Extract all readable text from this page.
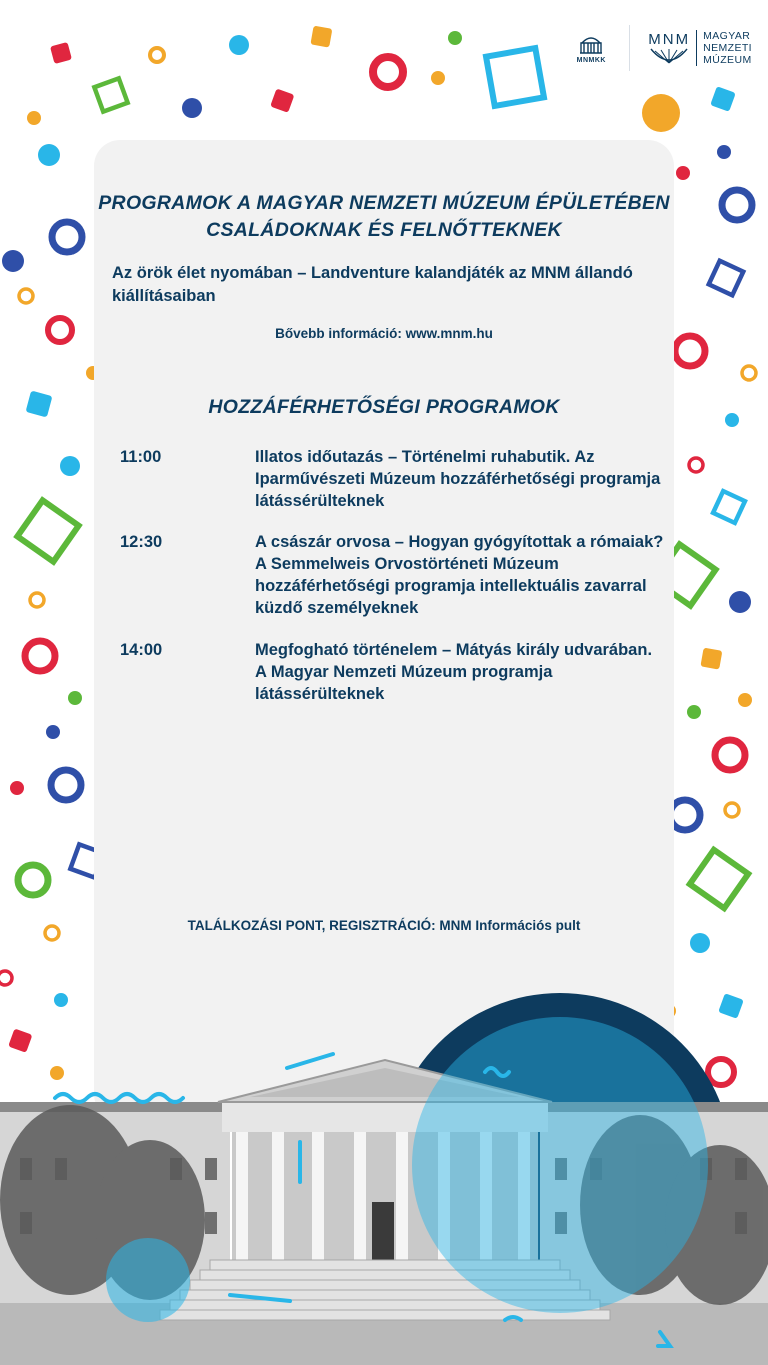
MNMKK
MNM MAGYAR
NEMZETI
MÚZEUM

PROGRAMOK A MAGYAR NEMZETI MÚZEUM ÉPÜLETÉBEN

CSALÁDOKNAK ÉS FELNŐTTEKNEK

Az örök élet nyomában – Landventure kalandjáték az MNM állandó kiállításaiban

Bővebb információ: www.mnm.hu

HOZZÁFÉRHETŐSÉGI PROGRAMOK

11:00	Illatos időutazás – Történelmi ruhabutik. Az Iparművészeti Múzeum hozzáférhetőségi programja látássérülteknek

12:30	A császár orvosa – Hogyan gyógyítottak a rómaiak? A Semmelweis Orvostörténeti Múzeum hozzáférhetőségi programja intellektuális zavarral küzdő személyeknek

14:00	Megfogható történelem – Mátyás király udvarában. A Magyar Nemzeti Múzeum programja látássérülteknek

TALÁLKOZÁSI PONT, REGISZTRÁCIÓ: MNM Információs pult
